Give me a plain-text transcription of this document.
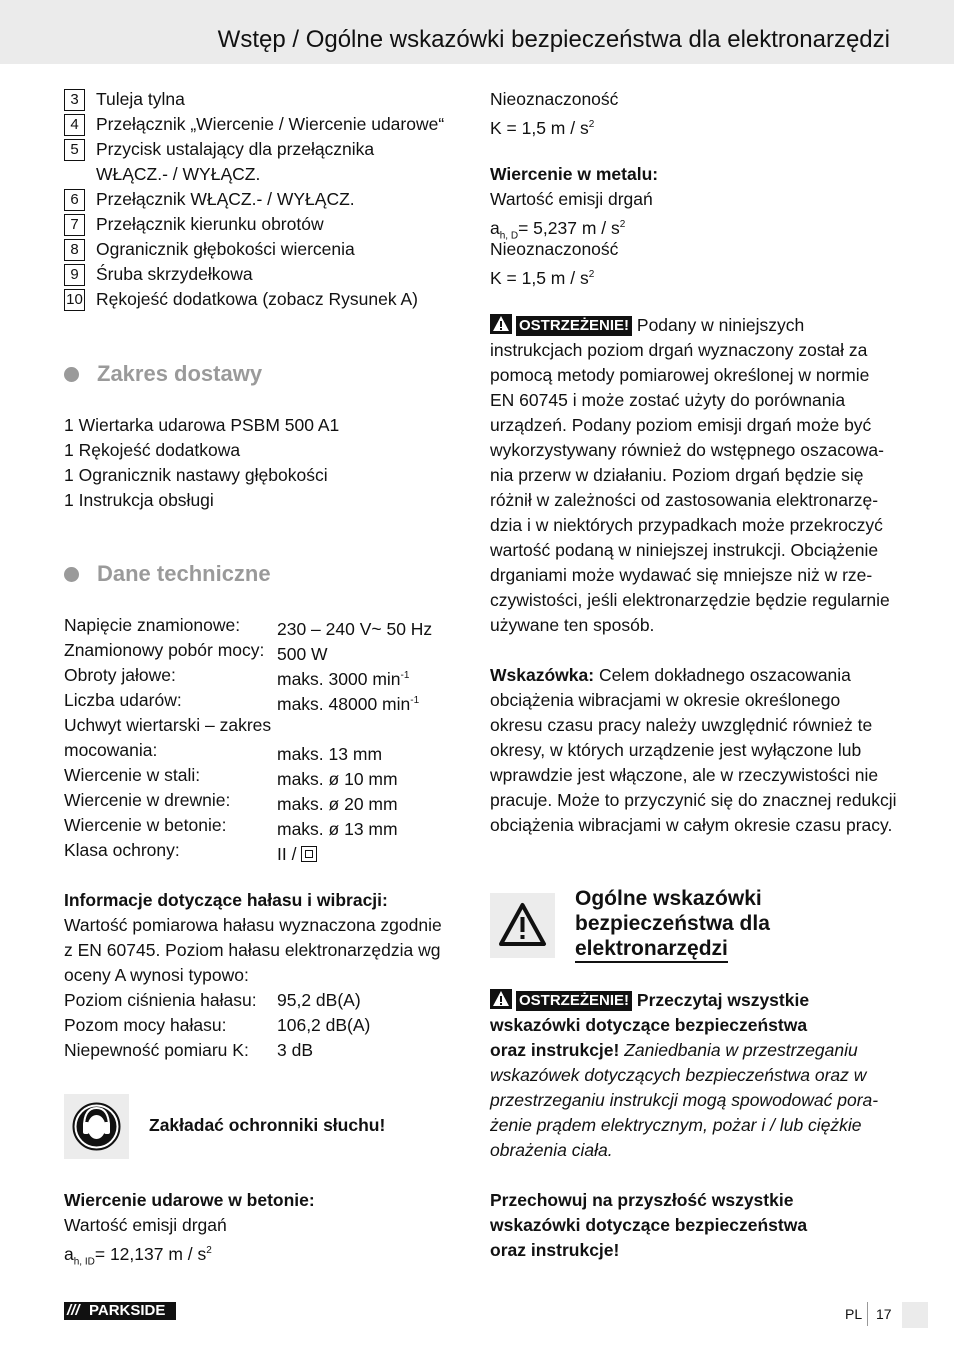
Wstęp / Ogólne wskazówki bezpieczeństwa dla elektronarzędzi
3 Tuleja tylna
4 Przełącznik „Wiercenie / Wiercenie udarowe“
5 Przycisk ustalający dla przełącznika
WŁĄCZ.- / WYŁĄCZ.
6 Przełącznik WŁĄCZ.- / WYŁĄCZ.
7 Przełącznik kierunku obrotów
8 Ogranicznik głębokości wiercenia
9 Śruba skrzydełkowa
10 Rękojeść dodatkowa (zobacz Rysunek A)
Zakres dostawy
1 Wiertarka udarowa PSBM 500 A1
1 Rękojeść dodatkowa
1 Ogranicznik nastawy głębokości
1 Instrukcja obsługi
Dane techniczne
Napięcie znamionowe: 230 – 240 V~ 50 Hz
Znamionowy pobór mocy: 500 W
Obroty jałowe:	maks. 3000 $\min^{-1}$
Liczba udarów:	maks. 48000 $\min^{-1}$
Uchwyt wiertarski – zakres
mocowania:	maks. 13 mm
Wiercenie w stali:	maks. ø 10 mm
Wiercenie w drewnie:	maks. ø 20 mm
Wiercenie w betonie:	maks. ø 13 mm
Klasa ochrony:	II /
Informacje dotyczące hałasu i wibracji:
Wartość pomiarowa hałasu wyznaczona zgodnie
z EN 60745. Poziom hałasu elektronarzędzia wg
oceny A wynosi typowo:
Poziom ciśnienia hałasu: 95,2 dB(A)
Pozom mocy hałasu:	106,2 dB(A)
Niepewność pomiaru K: 3 dB
Zakładać ochronniki słuchu!
Wiercenie udarowe w betonie:
Wartość emisji drgań
$a_{h, ID}= 12,137$ m / $s^2$
Nieoznaczoność
K = 1,5 m / $s^2$
Wiercenie w metalu:
Wartość emisji drgań
$a_{h, D}= 5,237$ m / $s^2$
Nieoznaczoność
K = 1,5 m / $s^2$
OSTRZEŻENIE! Podany w niniejszych
instrukcjach poziom drgań wyznaczony został za
pomocą metody pomiarowej określonej w normie
EN 60745 i może zostać użyty do porównania
urządzeń. Podany poziom emisji drgań może być
wykorzystywany również do wstępnego oszacowa-
nia przerw w działaniu. Poziom drgań będzie się
różnił w zależności od zastosowania elektronarzę-
dzia i w niektórych przypadkach może przekroczyć
wartość podaną w niniejszej instrukcji. Obciążenie
drganiami może wydawać się mniejsze niż w rze-
czywistości, jeśli elektronarzędzie będzie regularnie
używane ten sposób.
Wskazówka: Celem dokładnego oszacowania
obciążenia wibracjami w okresie określonego
okresu czasu pracy należy uwzględnić również te
okresy, w których urządzenie jest wyłączone lub
wprawdzie jest włączone, ale w rzeczywistości nie
pracuje. Może to przyczynić się do znacznej redukcji
obciążenia wibracjami w całym okresie czasu pracy.
Ogólne wskazówki
bezpieczeństwa dla
elektronarzędzi
OSTRZEŻENIE! Przeczytaj wszystkie
wskazówki dotyczące bezpieczeństwa
oraz instrukcje! Zaniedbania w przestrzeganiu
wskazówek dotyczących bezpieczeństwa oraz w
przestrzeganiu instrukcji mogą spowodować pora-
żenie prądem elektrycznym, pożar i / lub ciężkie
obrażenia ciała.
Przechowuj na przyszłość wszystkie
wskazówki dotyczące bezpieczeństwa
oraz instrukcje!
/// PARKSIDE	PL 17
